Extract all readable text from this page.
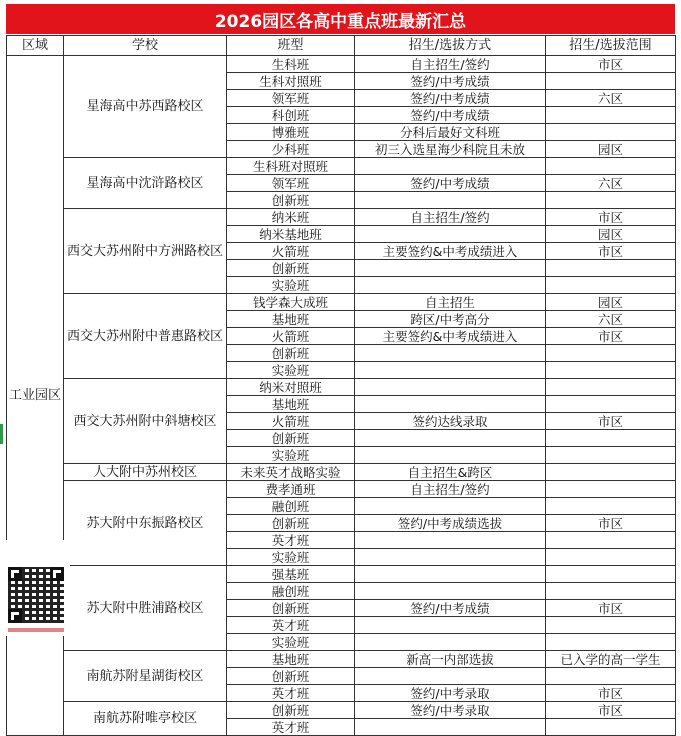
2026园区各高中重点班最新汇总
区域	学校	班型	招生/选拔方式	招生/选拔范围
工业园区	星海高中苏西路校区	生科班	自主招生/签约	市区
		生科对照班	签约/中考成绩	
		领军班	签约/中考成绩	六区
		科创班	签约/中考成绩	
		博雅班	分科后最好文科班	
		少科班	初三入选星海少科院且未放	园区
	星海高中沈浒路校区	生科班对照班		
		领军班	签约/中考成绩	六区
		创新班		
	西交大苏州附中方洲路校区	纳米班	自主招生/签约	市区
		纳米基地班		园区
		火箭班	主要签约&中考成绩进入	市区
		创新班		
		实验班		
	西交大苏州附中普惠路校区	钱学森大成班	自主招生	园区
		基地班	跨区/中考高分	六区
		火箭班	主要签约&中考成绩进入	市区
		创新班		
		实验班		
	西交大苏州附中斜塘校区	纳米对照班		
		基地班		
		火箭班	签约达线录取	市区
		创新班		
		实验班		
	人大附中苏州校区	未来英才战略实验	自主招生&跨区	
	苏大附中东振路校区	费孝通班	自主招生/签约	
		融创班		
		创新班	签约/中考成绩选拔	市区
		英才班		
		实验班		
	苏大附中胜浦路校区	强基班		
		融创班		
		创新班	签约/中考成绩	市区
		英才班		
		实验班		
	南航苏附星湖街校区	基地班	新高一内部选拔	已入学的高一学生
		创新班		
		英才班	签约/中考录取	市区
	南航苏附唯亭校区	创新班	签约/中考录取	市区
		英才班		
